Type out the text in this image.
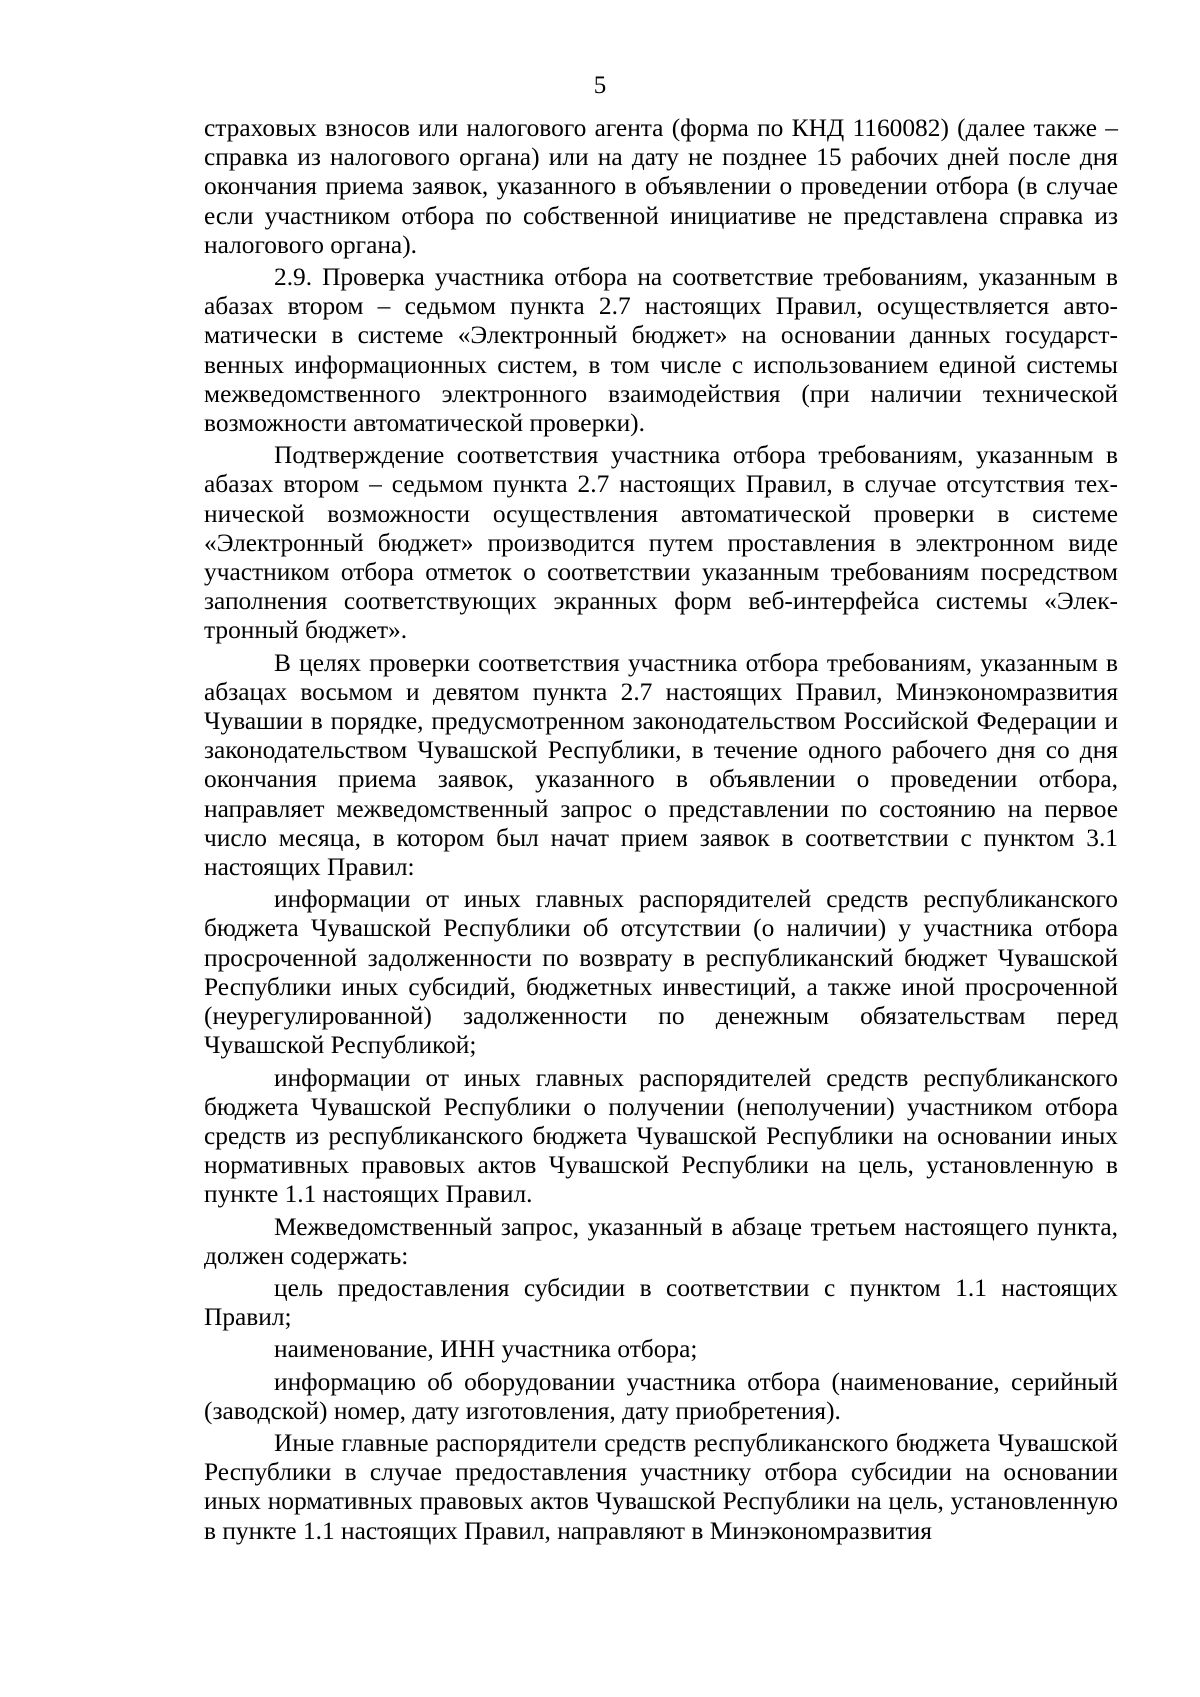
5

страховых взносов или налогового агента (форма по КНД 1160082) (далее также – справка из налогового органа) или на дату не позднее 15 рабочих дней после дня окончания приема заявок, указанного в объявлении о проведении отбора (в случае если участником отбора по собственной инициативе не представлена справка из налогового органа).

2.9. Проверка участника отбора на соответствие требованиям, указанным в абазах втором – седьмом пункта 2.7 настоящих Правил, осуществляется автоматически в системе «Электронный бюджет» на основании данных государственных информационных систем, в том числе с использованием единой системы межведомственного электронного взаимодействия (при наличии технической возможности автоматической проверки).

Подтверждение соответствия участника отбора требованиям, указанным в абазах втором – седьмом пункта 2.7 настоящих Правил, в случае отсутствия технической возможности осуществления автоматической проверки в системе «Электронный бюджет» производится путем проставления в электронном виде участником отбора отметок о соответствии указанным требованиям посредством заполнения соответствующих экранных форм веб-интерфейса системы «Электронный бюджет».

В целях проверки соответствия участника отбора требованиям, указанным в абзацах восьмом и девятом пункта 2.7 настоящих Правил, Минэкономразвития Чувашии в порядке, предусмотренном законодательством Российской Федерации и законодательством Чувашской Республики, в течение одного рабочего дня со дня окончания приема заявок, указанного в объявлении о проведении отбора, направляет межведомственный запрос о представлении по состоянию на первое число месяца, в котором был начат прием заявок в соответствии с пунктом 3.1 настоящих Правил:

информации от иных главных распорядителей средств республиканского бюджета Чувашской Республики об отсутствии (о наличии) у участника отбора просроченной задолженности по возврату в республиканский бюджет Чувашской Республики иных субсидий, бюджетных инвестиций, а также иной просроченной (неурегулированной) задолженности по денежным обязательствам перед Чувашской Республикой;

информации от иных главных распорядителей средств республиканского бюджета Чувашской Республики о получении (неполучении) участником отбора средств из республиканского бюджета Чувашской Республики на основании иных нормативных правовых актов Чувашской Республики на цель, установленную в пункте 1.1 настоящих Правил.

Межведомственный запрос, указанный в абзаце третьем настоящего пункта, должен содержать:

цель предоставления субсидии в соответствии с пунктом 1.1 настоящих Правил;

наименование, ИНН участника отбора;

информацию об оборудовании участника отбора (наименование, серийный (заводской) номер, дату изготовления, дату приобретения).

Иные главные распорядители средств республиканского бюджета Чувашской Республики в случае предоставления участнику отбора субсидии на основании иных нормативных правовых актов Чувашской Республики на цель, установленную в пункте 1.1 настоящих Правил, направляют в Минэкономразвития
